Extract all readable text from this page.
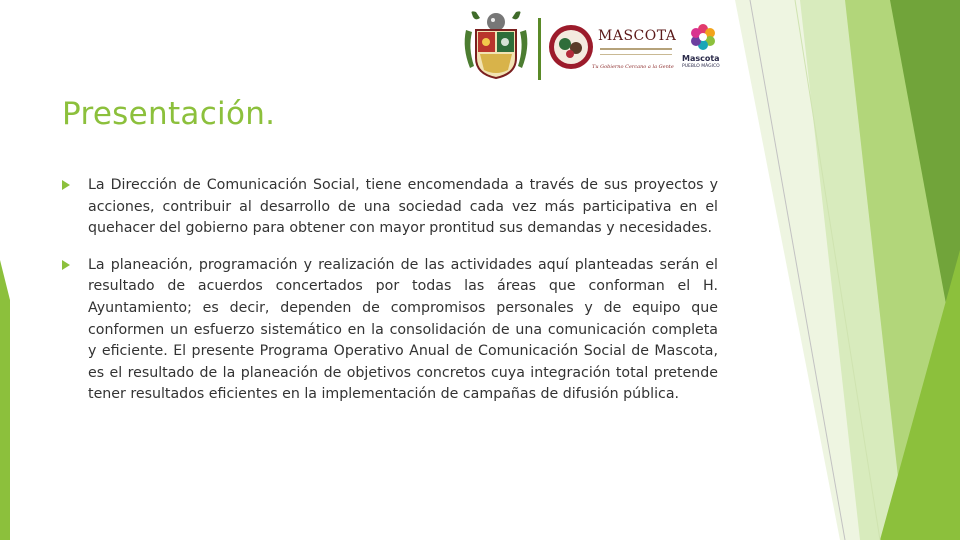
MASCOTA
Tu Gobierno Cercano a la Gente
Mascota
PUEBLO MÁGICO
Presentación.
La Dirección de Comunicación Social, tiene encomendada a través de sus proyectos y acciones, contribuir al desarrollo de una sociedad cada vez más participativa en el quehacer del gobierno para obtener con mayor prontitud sus demandas y necesidades.
La planeación, programación y realización de las actividades aquí planteadas serán el resultado de acuerdos concertados por todas las áreas que conforman el H. Ayuntamiento; es decir, dependen de compromisos personales y de equipo que conformen un esfuerzo sistemático en la consolidación de una comunicación completa y eficiente. El presente Programa Operativo Anual de Comunicación Social de Mascota, es el resultado de la planeación de objetivos concretos cuya integración total pretende tener resultados eficientes en la implementación de campañas de difusión pública.
